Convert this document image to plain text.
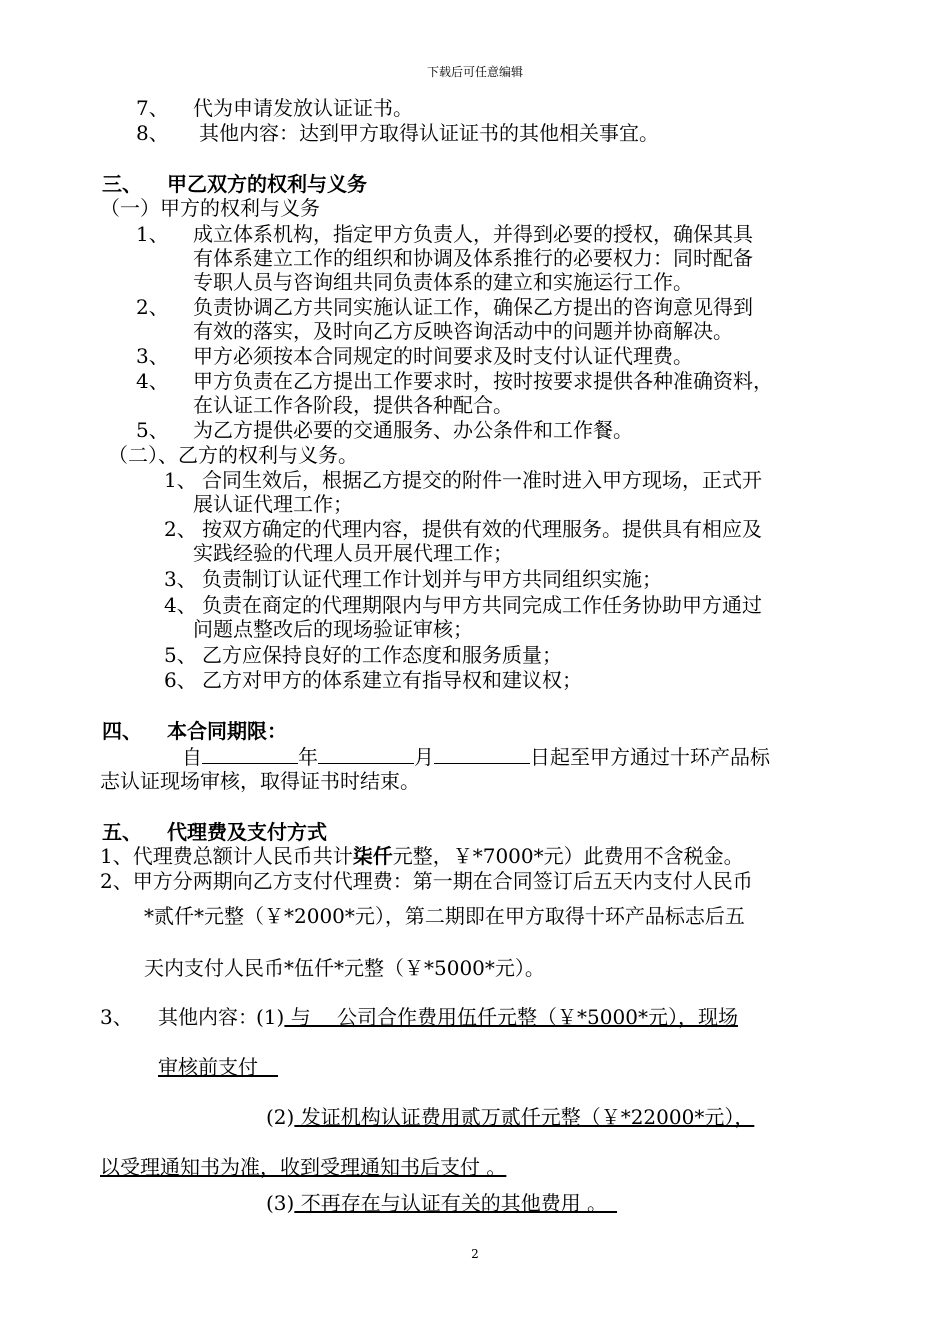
下载后可任意编辑
7、 代为申请发放认证证书。
8、 其他内容：达到甲方取得认证证书的其他相关事宜。
三、 甲乙双方的权利与义务
（一）甲方的权利与义务
1、 成立体系机构，指定甲方负责人，并得到必要的授权，确保其具
有体系建立工作的组织和协调及体系推行的必要权力：同时配备
专职人员与咨询组共同负责体系的建立和实施运行工作。
2、 负责协调乙方共同实施认证工作，确保乙方提出的咨询意见得到
有效的落实，及时向乙方反映咨询活动中的问题并协商解决。
3、 甲方必须按本合同规定的时间要求及时支付认证代理费。
4、 甲方负责在乙方提出工作要求时，按时按要求提供各种准确资料，
在认证工作各阶段，提供各种配合。
5、 为乙方提供必要的交通服务、办公条件和工作餐。
（二）、乙方的权利与义务。
1、 合同生效后，根据乙方提交的附件一准时进入甲方现场，正式开
展认证代理工作；
2、 按双方确定的代理内容，提供有效的代理服务。提供具有相应及
实践经验的代理人员开展代理工作；
3、 负责制订认证代理工作计划并与甲方共同组织实施；
4、 负责在商定的代理期限内与甲方共同完成工作任务协助甲方通过
问题点整改后的现场验证审核；
5、 乙方应保持良好的工作态度和服务质量；
6、 乙方对甲方的体系建立有指导权和建议权；
四、 本合同期限：
自	年	月	日起至甲方通过十环产品标
志认证现场审核，取得证书时结束。
五、 代理费及支付方式
1、代理费总额计人民币共计柒仟元整，￥*7000*元）此费用不含税金。
2、甲方分两期向乙方支付代理费：第一期在合同签订后五天内支付人民币
*贰仟*元整（￥*2000*元），第二期即在甲方取得十环产品标志后五
天内支付人民币*伍仟*元整（￥*5000*元）。
3、 其他内容：
(1) 与　 公司合作费用伍仟元整（￥*5000*元），现场
审核前支付　
(2) 发证机构认证费用贰万贰仟元整（￥*22000*元），
以受理通知书为准，收到受理通知书后支付 。
(3) 不再存在与认证有关的其他费用 。　
2
